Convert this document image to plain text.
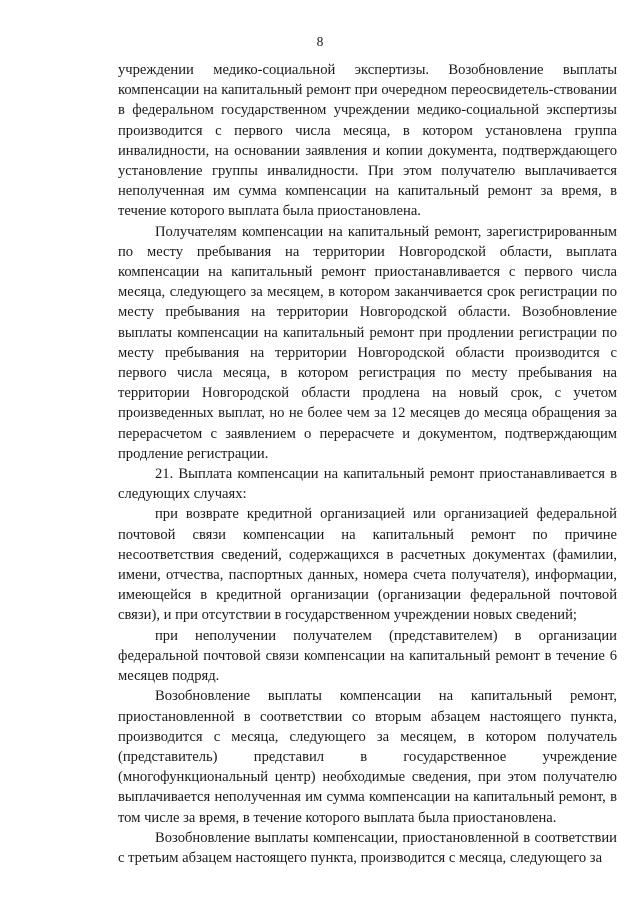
8

учреждении медико-социальной экспертизы. Возобновление выплаты компенсации на капитальный ремонт при очередном переосвидетель-ствовании в федеральном государственном учреждении медико-социальной экспертизы производится с первого числа месяца, в котором установлена группа инвалидности, на основании заявления и копии документа, подтверждающего установление группы инвалидности. При этом получателю выплачивается неполученная им сумма компенсации на капитальный ремонт за время, в течение которого выплата была приостановлена.

Получателям компенсации на капитальный ремонт, зарегистрированным по месту пребывания на территории Новгородской области, выплата компенсации на капитальный ремонт приостанавливается с первого числа месяца, следующего за месяцем, в котором заканчивается срок регистрации по месту пребывания на территории Новгородской области. Возобновление выплаты компенсации на капитальный ремонт при продлении регистрации по месту пребывания на территории Новгородской области производится с первого числа месяца, в котором регистрация по месту пребывания на территории Новгородской области продлена на новый срок, с учетом произведенных выплат, но не более чем за 12 месяцев до месяца обращения за перерасчетом с заявлением о перерасчете и документом, подтверждающим продление регистрации.

21. Выплата компенсации на капитальный ремонт приостанавливается в следующих случаях:

при возврате кредитной организацией или организацией федеральной почтовой связи компенсации на капитальный ремонт по причине несоответствия сведений, содержащихся в расчетных документах (фамилии, имени, отчества, паспортных данных, номера счета получателя), информации, имеющейся в кредитной организации (организации федеральной почтовой связи), и при отсутствии в государственном учреждении новых сведений;

при неполучении получателем (представителем) в организации федеральной почтовой связи компенсации на капитальный ремонт в течение 6 месяцев подряд.

Возобновление выплаты компенсации на капитальный ремонт, приостановленной в соответствии со вторым абзацем настоящего пункта, производится с месяца, следующего за месяцем, в котором получатель (представитель) представил в государственное учреждение (многофункциональный центр) необходимые сведения, при этом получателю выплачивается неполученная им сумма компенсации на капитальный ремонт, в том числе за время, в течение которого выплата была приостановлена.

Возобновление выплаты компенсации, приостановленной в соответствии с третьим абзацем настоящего пункта, производится с месяца, следующего за
